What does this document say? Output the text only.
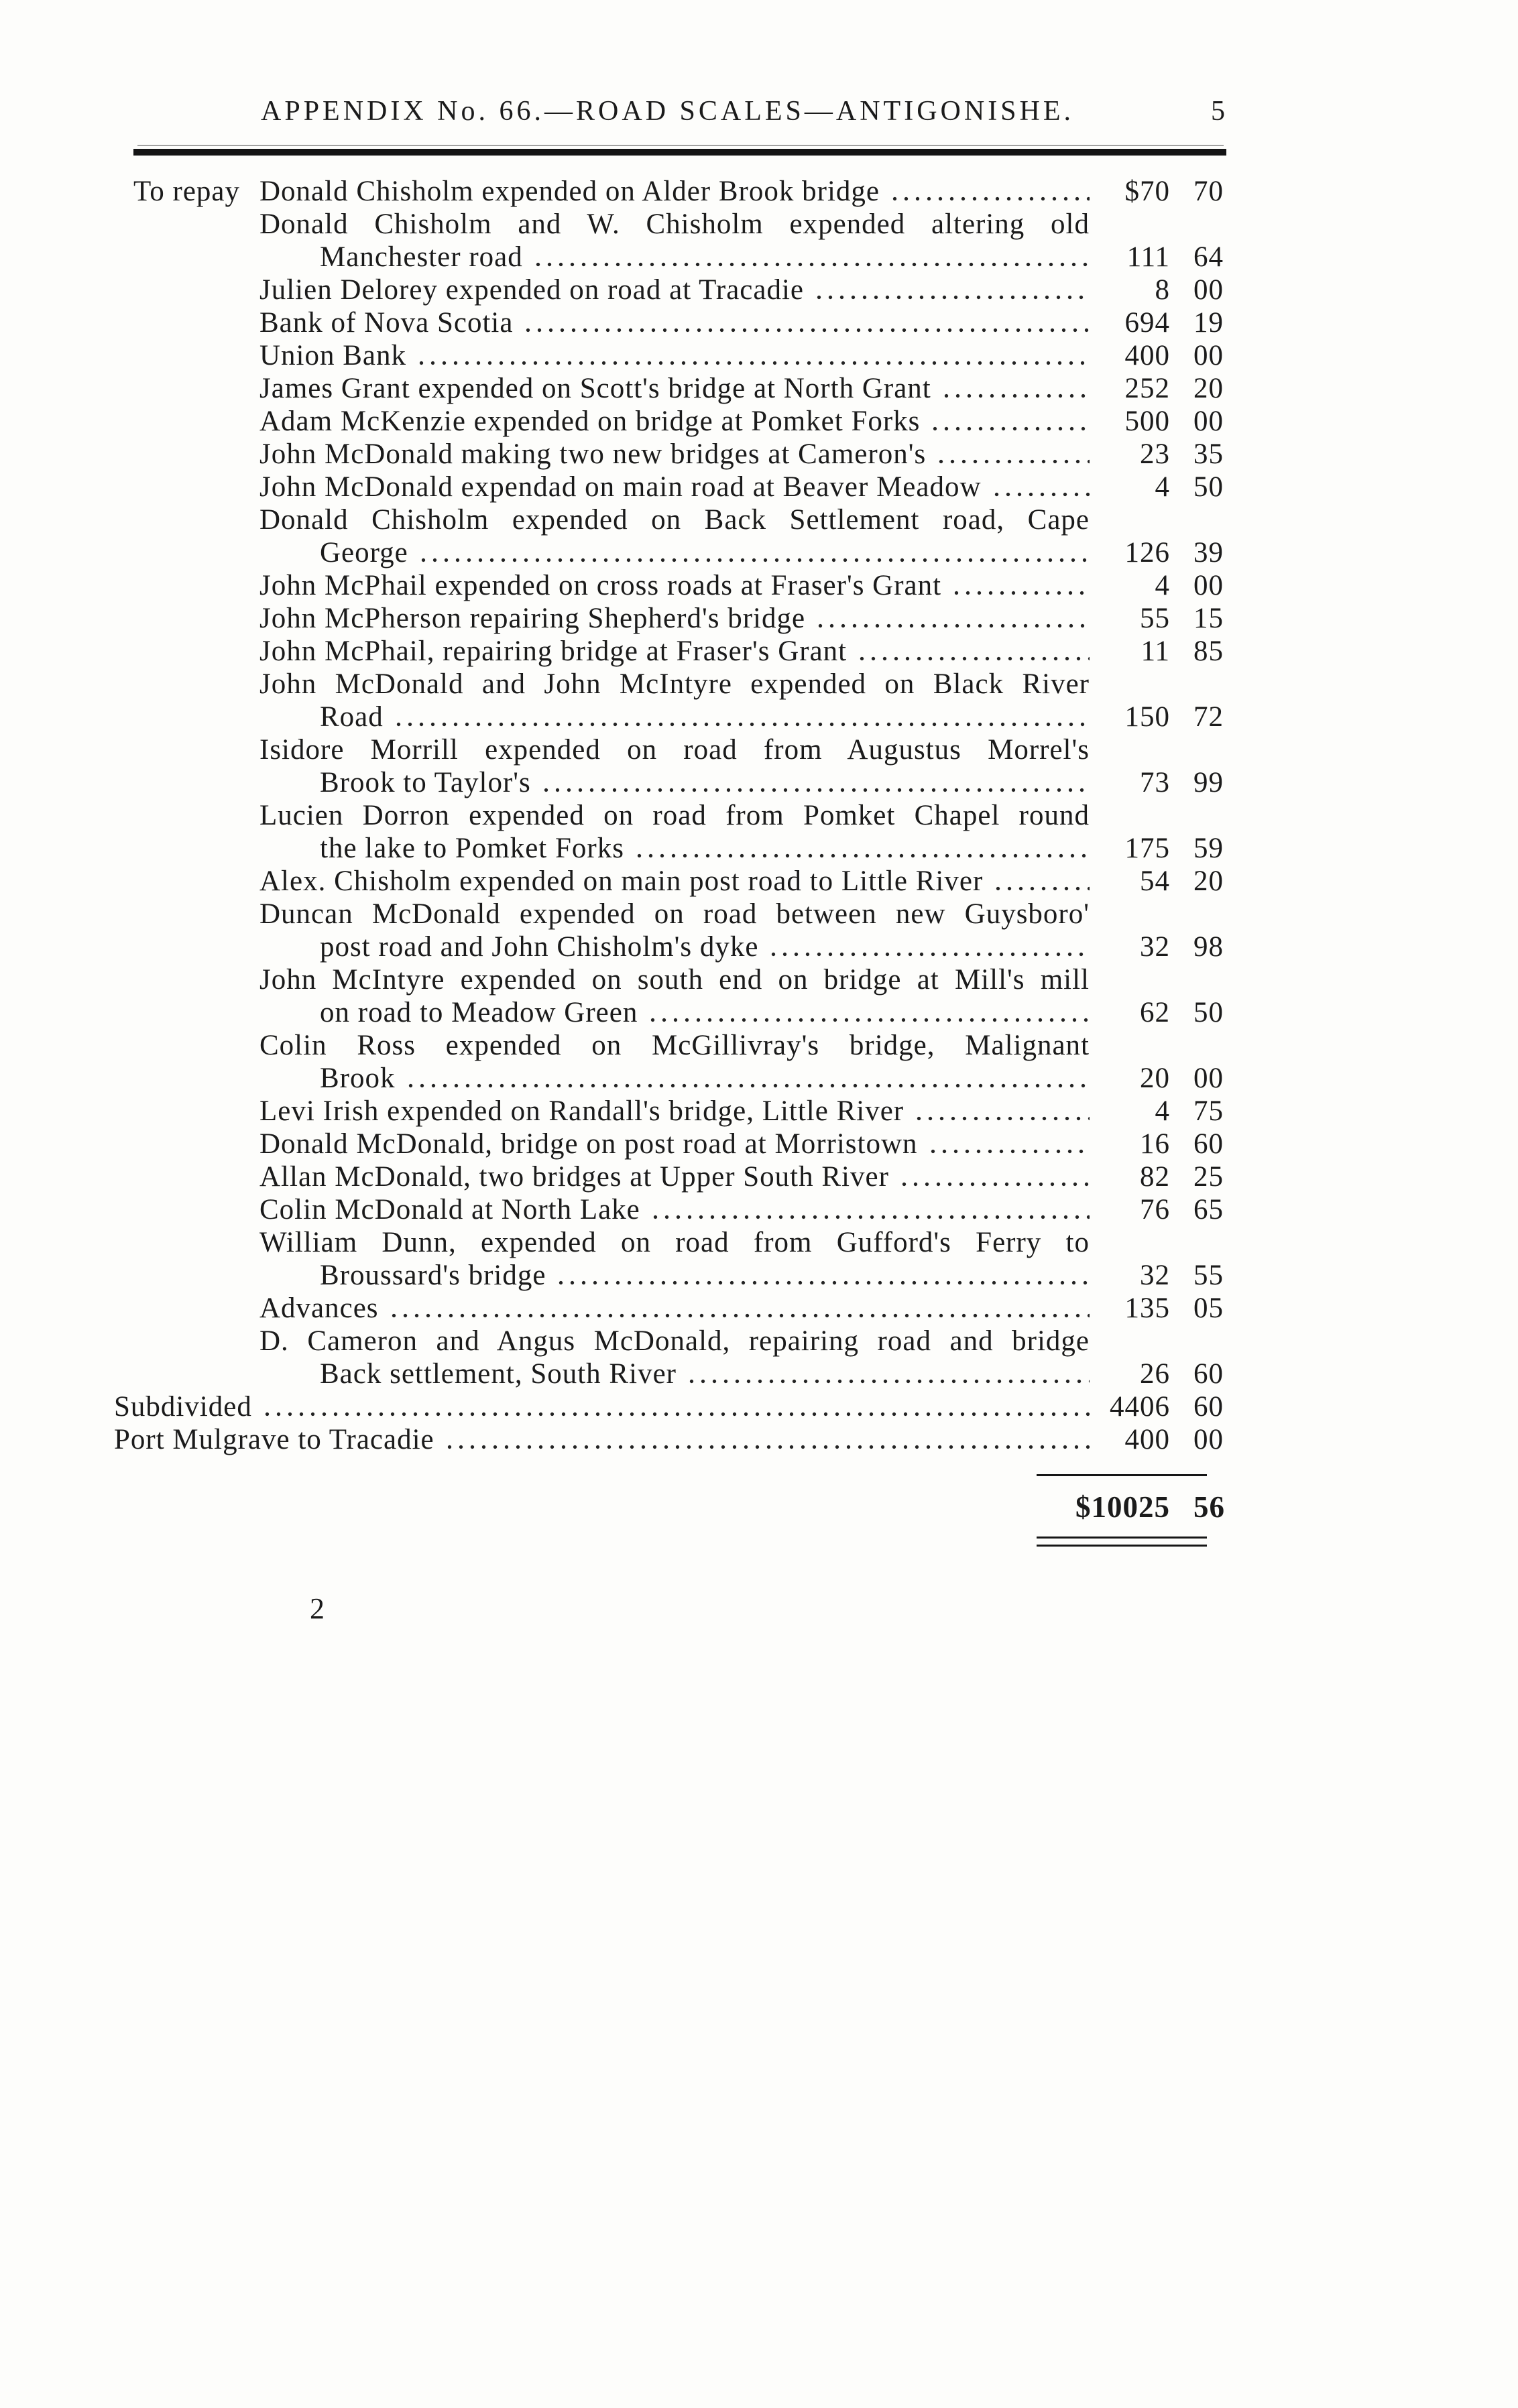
APPENDIX No. 66.—ROAD SCALES—ANTIGONISHE.	5
To repay Donald Chisholm expended on Alder Brook bridge	$70 70
Donald Chisholm and W. Chisholm expended altering old
Manchester road	111 64
Julien Delorey expended on road at Tracadie	8 00
Bank of Nova Scotia	694 19
Union Bank	400 00
James Grant expended on Scott's bridge at North Grant	252 20
Adam McKenzie expended on bridge at Pomket Forks	500 00
John McDonald making two new bridges at Cameron's	23 35
John McDonald expendad on main road at Beaver Meadow	4 50
Donald Chisholm expended on Back Settlement road, Cape
George	126 39
John McPhail expended on cross roads at Fraser's Grant	4 00
John McPherson repairing Shepherd's bridge	55 15
John McPhail, repairing bridge at Fraser's Grant	11 85
John McDonald and John McIntyre expended on Black River
Road	150 72
Isidore Morrill expended on road from Augustus Morrel's
Brook to Taylor's	73 99
Lucien Dorron expended on road from Pomket Chapel round
the lake to Pomket Forks	175 59
Alex. Chisholm expended on main post road to Little River	54 20
Duncan McDonald expended on road between new Guysboro'
post road and John Chisholm's dyke	32 98
John McIntyre expended on south end on bridge at Mill's mill
on road to Meadow Green	62 50
Colin Ross expended on McGillivray's bridge, Malignant
Brook	20 00
Levi Irish expended on Randall's bridge, Little River	4 75
Donald McDonald, bridge on post road at Morristown	16 60
Allan McDonald, two bridges at Upper South River	82 25
Colin McDonald at North Lake	76 65
William Dunn, expended on road from Gufford's Ferry to
Broussard's bridge	32 55
Advances	135 05
D. Cameron and Angus McDonald, repairing road and bridge
Back settlement, South River	26 60
Subdivided	4406 60
Port Mulgrave to Tracadie	400 00
$10025 56
2
